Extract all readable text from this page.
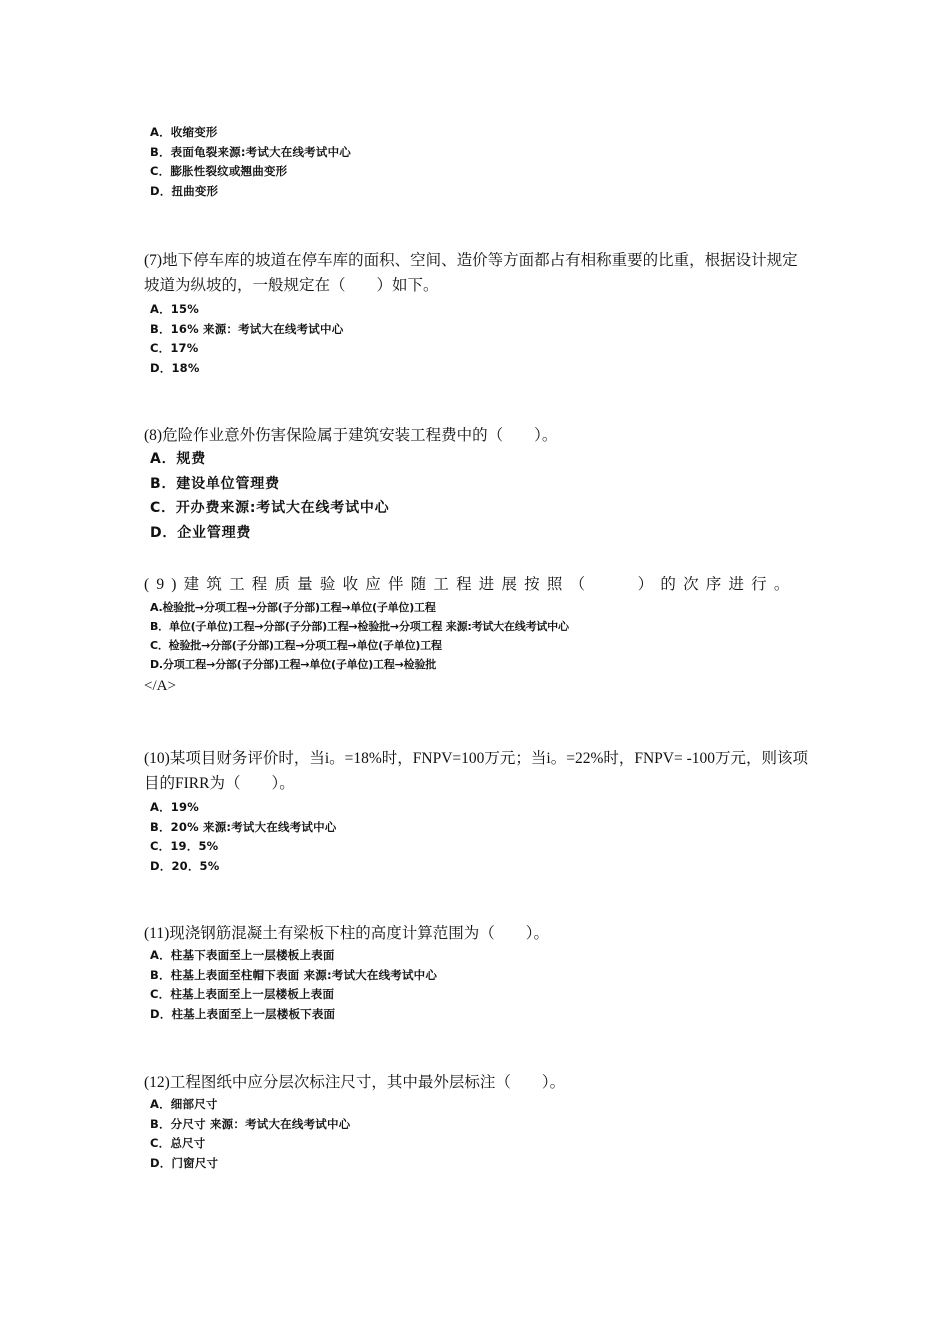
A．收缩变形
B．表面龟裂来源:考试大在线考试中心
C．膨胀性裂纹或翘曲变形
D．扭曲变形
(7)地下停车库的坡道在停车库的面积、空间、造价等方面都占有相称重要的比重，根据设计规定坡道为纵坡的，一般规定在（　　）如下。
A．15%
B．16% 来源：考试大在线考试中心
C．17%
D．18%
(8)危险作业意外伤害保险属于建筑安装工程费中的（　　）。
A．规费
B．建设单位管理费
C．开办费来源:考试大在线考试中心
D．企业管理费
(9)建筑工程质量验收应伴随工程进展按照（　　）的次序进行。
A.检验批→分项工程→分部(子分部)工程→单位(子单位)工程
B．单位(子单位)工程→分部(子分部)工程→检验批→分项工程 来源:考试大在线考试中心
C．检验批→分部(子分部)工程→分项工程→单位(子单位)工程
D.分项工程→分部(子分部)工程→单位(子单位)工程→检验批
</A>
(10)某项目财务评价时，当i。=18%时，FNPV=100万元；当i。=22%时，FNPV= -100万元，则该项目的FIRR为（　　）。
A．19%
B．20% 来源:考试大在线考试中心
C．19．5%
D．20．5%
(11)现浇钢筋混凝土有梁板下柱的高度计算范围为（　　）。
A．柱基下表面至上一层楼板上表面
B．柱基上表面至柱帽下表面 来源:考试大在线考试中心
C．柱基上表面至上一层楼板上表面
D．柱基上表面至上一层楼板下表面
(12)工程图纸中应分层次标注尺寸，其中最外层标注（　　）。
A．细部尺寸
B．分尺寸 来源：考试大在线考试中心
C．总尺寸
D．门窗尺寸
